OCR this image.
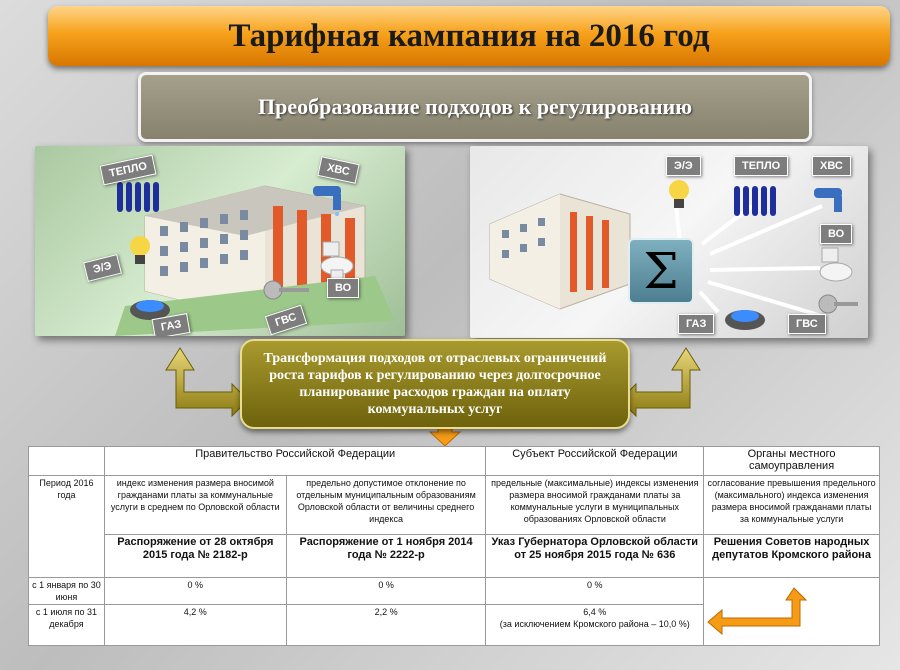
Тарифная кампания на 2016 год
Преобразование подходов к регулированию
ТЕПЛО	ХВС
Э/Э
ВО
ГАЗ	ГВС
Σ
Э/Э	ТЕПЛО	ХВС
ВО
ГАЗ	ГВС
Трансформация подходов от отраслевых ограничений роста тарифов к регулированию через долгосрочное планирование расходов граждан на оплату коммунальных услуг
	Правительство Российской Федерации		Субъект Российской Федерации	Органы местного самоуправления
Период 2016 года	индекс изменения размера вносимой гражданами платы за коммунальные услуги в среднем по Орловской области	предельно допустимое отклонение по отдельным муниципальным образованиям Орловской области от величины среднего индекса	предельные (максимальные) индексы изменения размера вносимой гражданами платы за коммунальные услуги в муниципальных образованиях Орловской области	согласование превышения предельного (максимального) индекса изменения размера вносимой гражданами платы за коммунальные услуги
	Распоряжение от 28 октября 2015 года № 2182-р	Распоряжение от 1 ноября 2014 года № 2222-р	Указ Губернатора Орловской области от 25 ноября 2015 года № 636	Решения Советов народных депутатов Кромского района
с 1 января по 30 июня	0 %	0 %	0 %	

с 1 июля по 31 декабря	4,2 %	2,2 %	6,4 %
(за исключением Кромского района – 10,0 %)	
